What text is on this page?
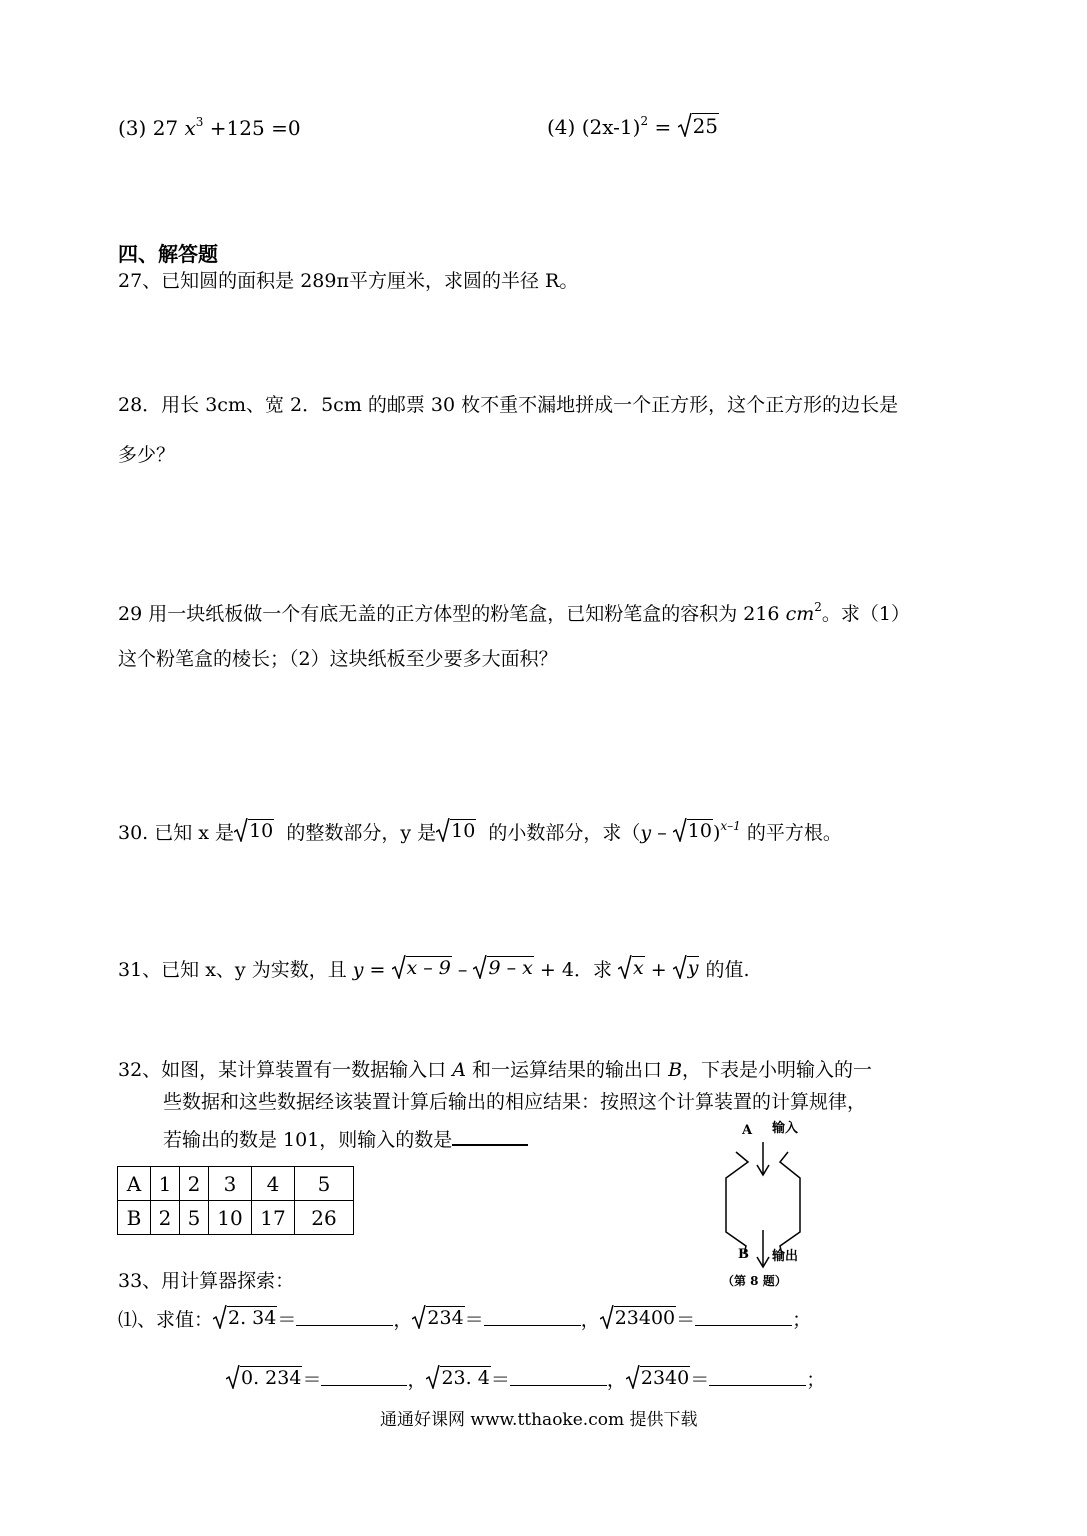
(3) 27 $x^3 +125 =0$	(4) $(2x-1)^2 = 25$
四、解答题
27、已知圆的面积是 289π平方厘米，求圆的半径 R。
28．用长 3cm、宽 2．5cm 的邮票 30 枚不重不漏地拼成一个正方形，这个正方形的边长是
多少？
29 用一块纸板做一个有底无盖的正方体型的粉笔盒，已知粉笔盒的容积为 216 $cm^2$。求（1）
这个粉笔盒的棱长；（2）这块纸板至少要多大面积？
30. 已知 x 是 10 的整数部分，y 是 10 的小数部分，求（y – 10 )$^{x-1}$ 的平方根。
31、已知 x、y 为实数，且 y = x – 9 – 9 – x + 4．求 x + y 的值.
32、如图，某计算装置有一数据输入口 A 和一运算结果的输出口 B，下表是小明输入的一
些数据和这些数据经该装置计算后输出的相应结果：按照这个计算装置的计算规律，
若输出的数是 101，则输入的数是
A	1	2	3	4	5
B	2	5	10	17	26
A 输入
B 输出
（第 8 题）
33、用计算器探索：
⑴、求值： 2. 34 ＝	， 234 ＝	， 23400 ＝	；
0. 234 ＝	， 23. 4 ＝	， 2340 ＝	；
通通好课网 www.tthaoke.com 提供下载
